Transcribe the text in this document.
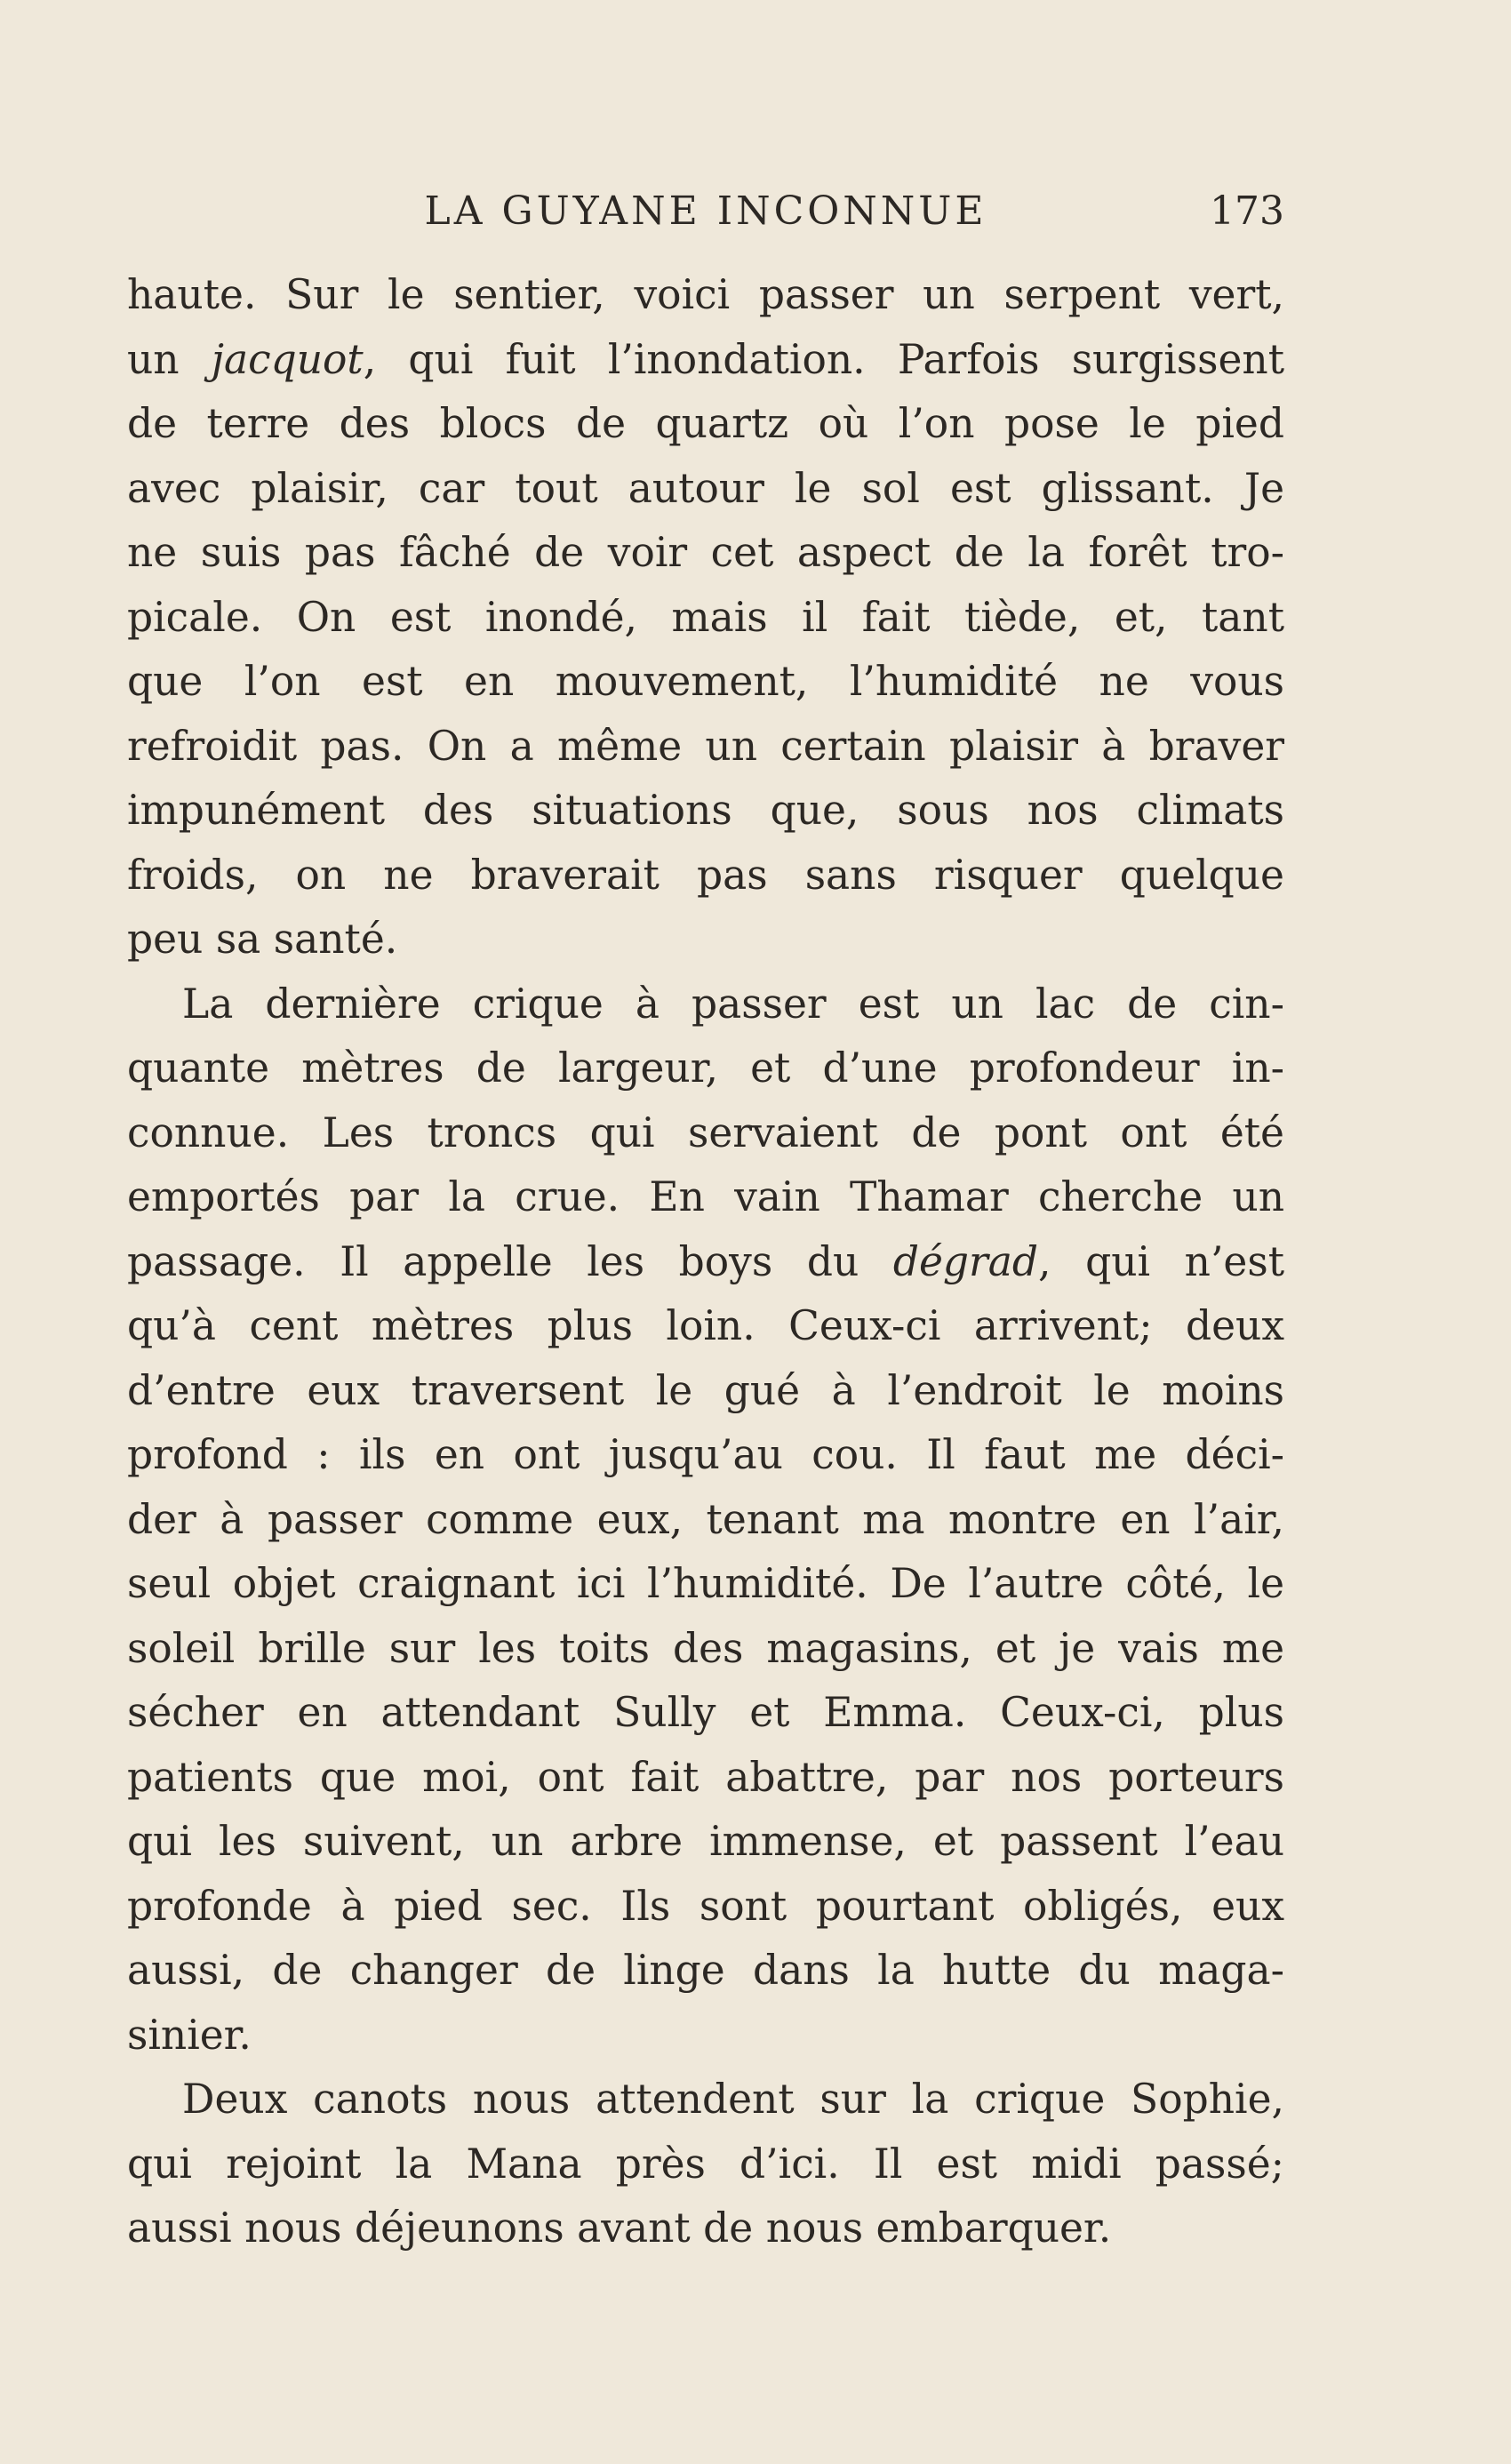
LA GUYANE INCONNUE	173

haute. Sur le sentier, voici passer un serpent vert,
un jacquot, qui fuit l’inondation. Parfois surgissent
de terre des blocs de quartz où l’on pose le pied
avec plaisir, car tout autour le sol est glissant. Je
ne suis pas fâché de voir cet aspect de la forêt tro-
picale. On est inondé, mais il fait tiède, et, tant
que l’on est en mouvement, l’humidité ne vous
refroidit pas. On a même un certain plaisir à braver
impunément des situations que, sous nos climats
froids, on ne braverait pas sans risquer quelque
peu sa santé.

La dernière crique à passer est un lac de cin-
quante mètres de largeur, et d’une profondeur in-
connue. Les troncs qui servaient de pont ont été
emportés par la crue. En vain Thamar cherche un
passage. Il appelle les boys du dégrad, qui n’est
qu’à cent mètres plus loin. Ceux-ci arrivent; deux
d’entre eux traversent le gué à l’endroit le moins
profond : ils en ont jusqu’au cou. Il faut me déci-
der à passer comme eux, tenant ma montre en l’air,
seul objet craignant ici l’humidité. De l’autre côté, le
soleil brille sur les toits des magasins, et je vais me
sécher en attendant Sully et Emma. Ceux-ci, plus
patients que moi, ont fait abattre, par nos porteurs
qui les suivent, un arbre immense, et passent l’eau
profonde à pied sec. Ils sont pourtant obligés, eux
aussi, de changer de linge dans la hutte du maga-
sinier.

Deux canots nous attendent sur la crique Sophie,
qui rejoint la Mana près d’ici. Il est midi passé;
aussi nous déjeunons avant de nous embarquer.
